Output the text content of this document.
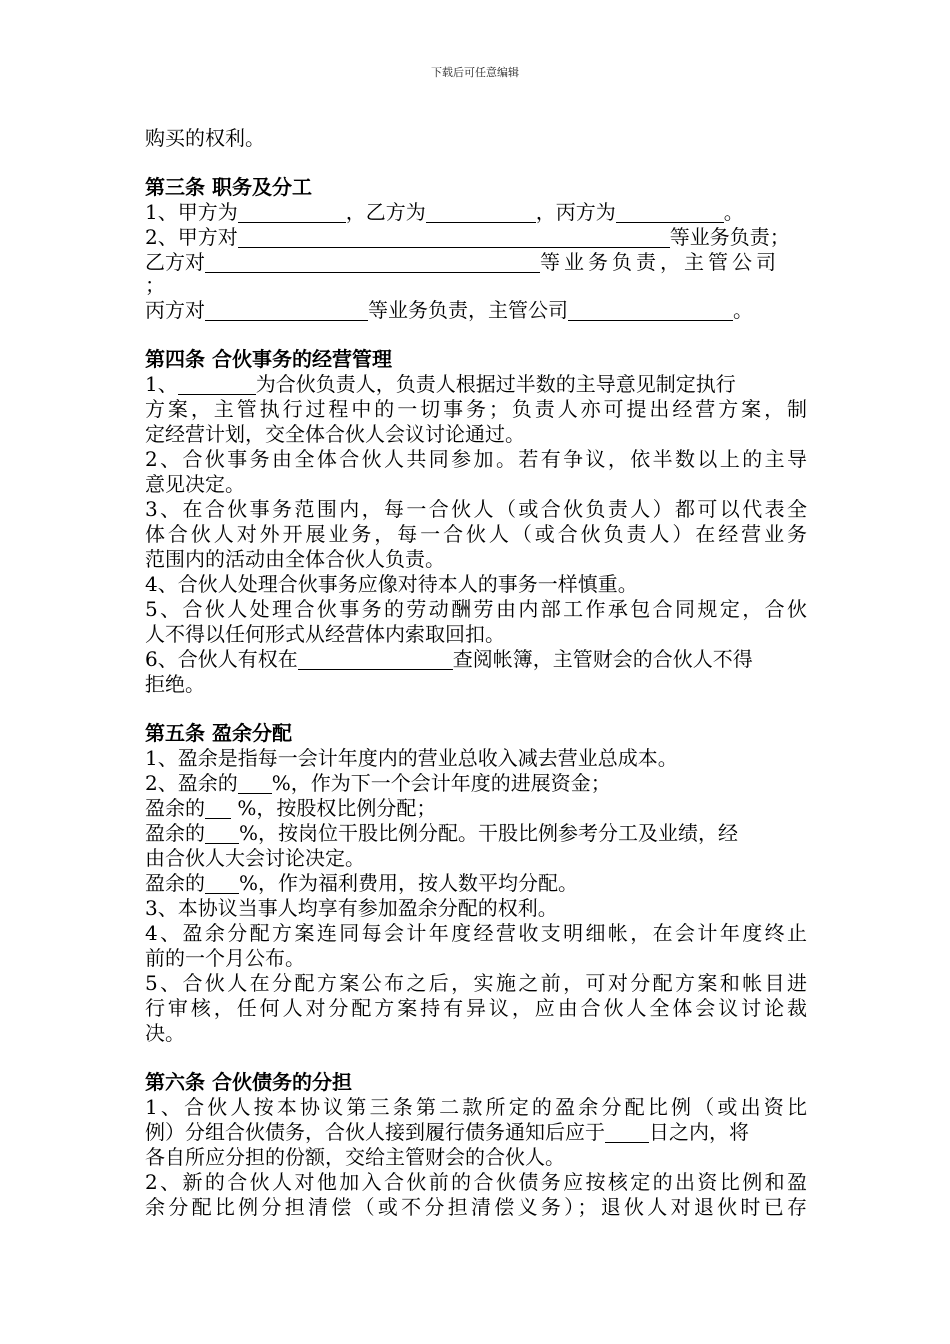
下载后可任意编辑
购买的权利。
第三条 职务及分工
1、甲方为	，乙方为	，丙方为	。
2、甲方对	等业务负责；
乙方对	等业务负责，主管公司
；
丙方对	等业务负责，主管公司	。
第四条 合伙事务的经营管理
1、	为合伙负责人，负责人根据过半数的主导意见制定执行
方案，主管执行过程中的一切事务；负责人亦可提出经营方案，制
定经营计划，交全体合伙人会议讨论通过。
2、合伙事务由全体合伙人共同参加。若有争议，依半数以上的主导
意见决定。
3、在合伙事务范围内，每一合伙人（或合伙负责人）都可以代表全
体合伙人对外开展业务，每一合伙人（或合伙负责人）在经营业务
范围内的活动由全体合伙人负责。
4、合伙人处理合伙事务应像对待本人的事务一样慎重。
5、合伙人处理合伙事务的劳动酬劳由内部工作承包合同规定，合伙
人不得以任何形式从经营体内索取回扣。
6、合伙人有权在	查阅帐簿，主管财会的合伙人不得
拒绝。
第五条 盈余分配
1、盈余是指每一会计年度内的营业总收入减去营业总成本。
2、盈余的 %，作为下一个会计年度的进展资金；
盈余的 %，按股权比例分配；
盈余的 %，按岗位干股比例分配。干股比例参考分工及业绩，经
由合伙人大会讨论决定。
盈余的 %，作为福利费用，按人数平均分配。
3、本协议当事人均享有参加盈余分配的权利。
4、盈余分配方案连同每会计年度经营收支明细帐，在会计年度终止
前的一个月公布。
5、合伙人在分配方案公布之后，实施之前，可对分配方案和帐目进
行审核，任何人对分配方案持有异议，应由合伙人全体会议讨论裁
决。
第六条 合伙债务的分担
1、合伙人按本协议第三条第二款所定的盈余分配比例（或出资比
例）分组合伙债务，合伙人接到履行债务通知后应于 日之内，将
各自所应分担的份额，交给主管财会的合伙人。
2、新的合伙人对他加入合伙前的合伙债务应按核定的出资比例和盈
余分配比例分担清偿（或不分担清偿义务）；退伙人对退伙时已存
